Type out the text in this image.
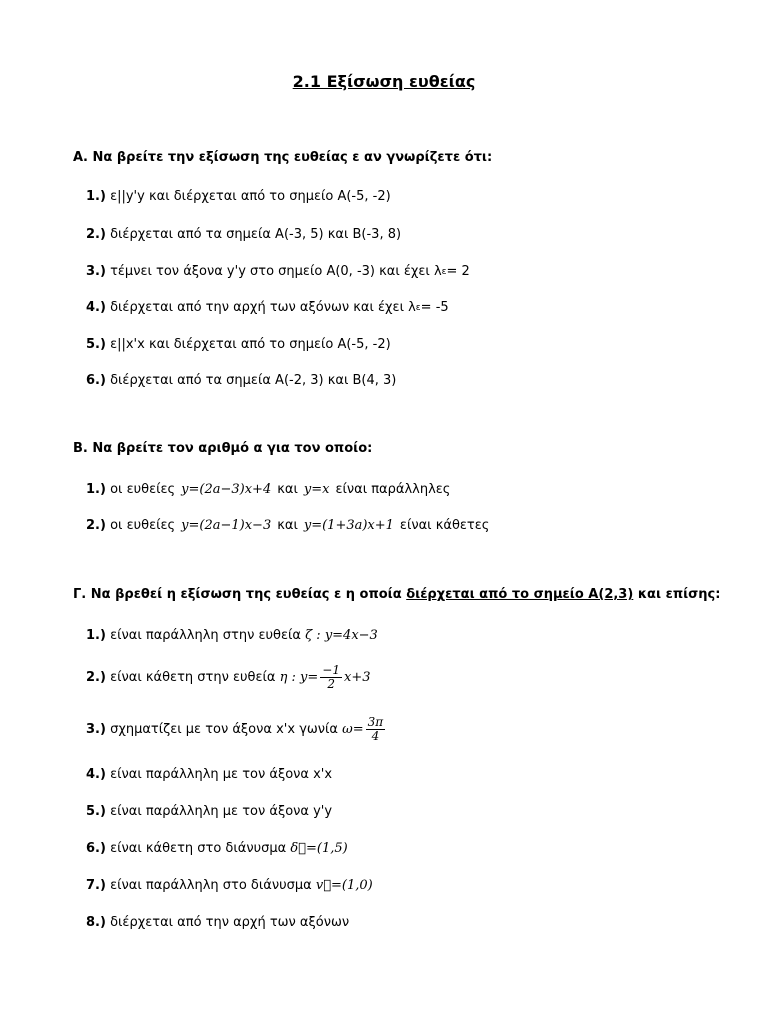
2.1 Εξίσωση ευθείας
Α. Να βρείτε την εξίσωση της ευθείας ε αν γνωρίζετε ότι:
1.)
ε||y'y και διέρχεται από το σημείο Α(-5, -2)
2.)
διέρχεται από τα σημεία Α(-3, 5) και Β(-3, 8)
3.)
τέμνει τον άξονα y'y στο σημείο Α(0, -3) και έχει λ ε = 2
4.)
διέρχεται από την αρχή των αξόνων και έχει λ ε = -5
5.)
ε||x'x και διέρχεται από το σημείο Α(-5, -2)
6.)
διέρχεται από τα σημεία Α(-2, 3) και Β(4, 3)
Β. Να βρείτε τον αριθμό α για τον οποίο:
1.)
οι ευθείες y=(2a−3)x+4 και y=x είναι παράλληλες
2.)
οι ευθείες y=(2a−1)x−3 και y=(1+3a)x+1 είναι κάθετες
Γ. Να βρεθεί η εξίσωση της ευθείας ε η οποία διέρχεται από το σημείο Α(2,3) και επίσης:
1.)
είναι παράλληλη στην ευθεία
ζ : y=4x−3
2.)
είναι κάθετη στην ευθεία
η : $y= \frac{-1}{2} x+3$
3.)
σχηματίζει με τον άξονα x'x γωνία
$\omega= \frac{3\pi}{4}$
4.)
είναι παράλληλη με τον άξονα x'x
5.)
είναι παράλληλη με τον άξονα y'y
6.)
είναι κάθετη στο διάνυσμα
δ⃗=(1,5)
7.)
είναι παράλληλη στο διάνυσμα
v⃗=(1,0)
8.)
διέρχεται από την αρχή των αξόνων
